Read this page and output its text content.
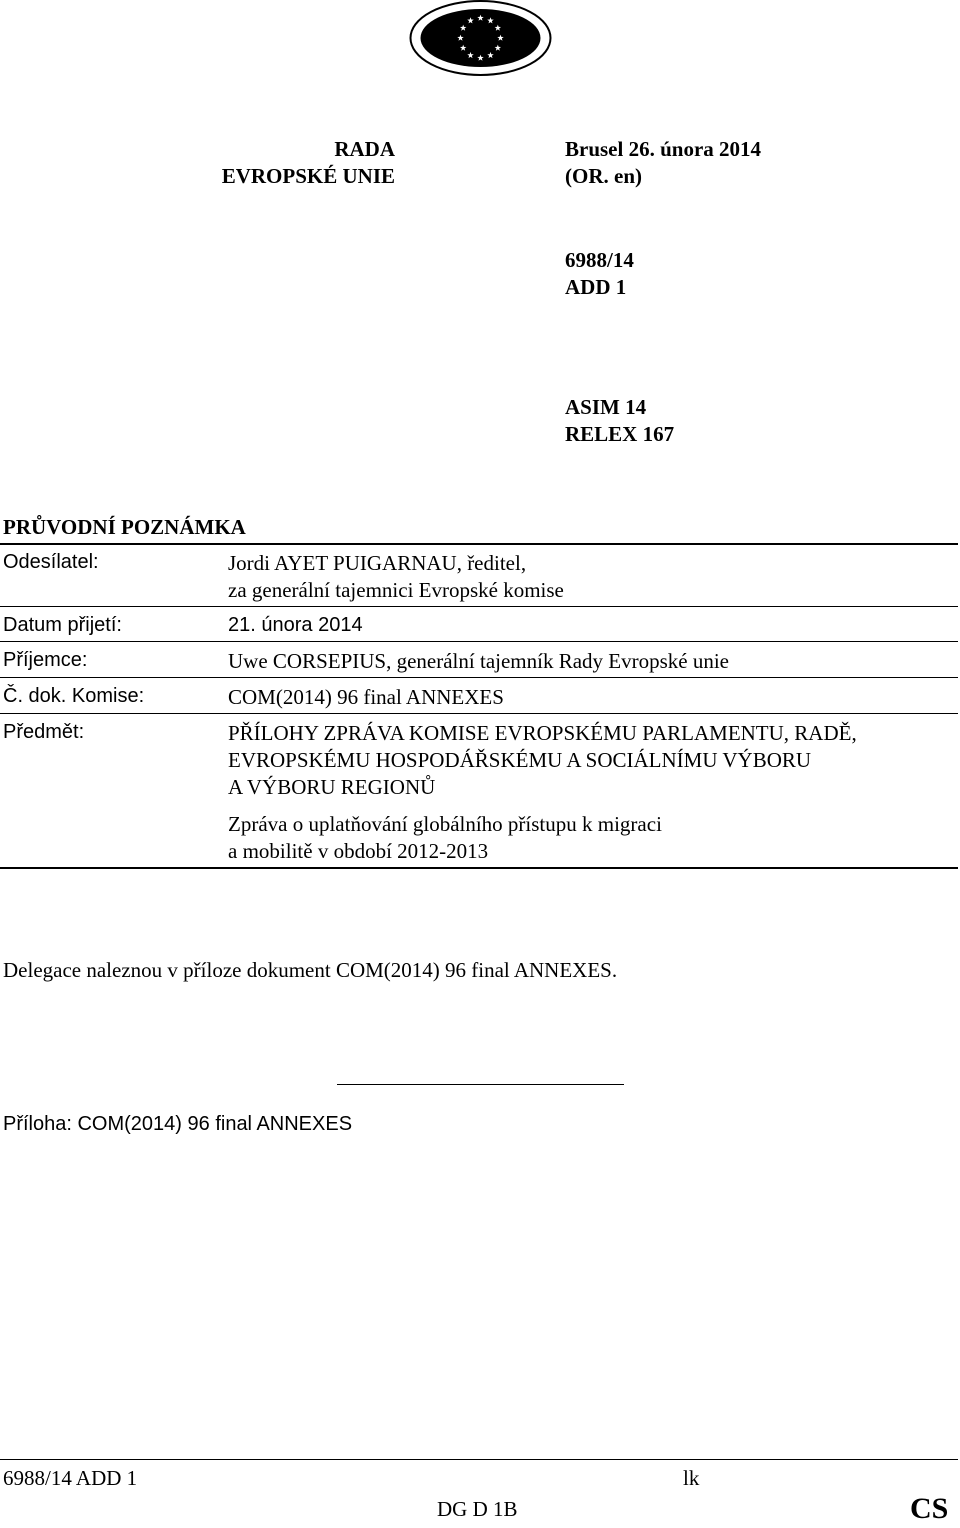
RADA
EVROPSKÉ UNIE
Brusel 26. února 2014
(OR. en)
6988/14
ADD 1
ASIM 14
RELEX 167
PRŮVODNÍ POZNÁMKA
Odesílatel:	Jordi AYET PUIGARNAU, ředitel,
za generální tajemnici Evropské komise
Datum přijetí:	21. února 2014
Příjemce:	Uwe CORSEPIUS, generální tajemník Rady Evropské unie
Č. dok. Komise:	COM(2014) 96 final ANNEXES
Předmět:	PŘÍLOHY ZPRÁVA KOMISE EVROPSKÉMU PARLAMENTU, RADĚ,
EVROPSKÉMU HOSPODÁŘSKÉMU A SOCIÁLNÍMU VÝBORU
A VÝBORU REGIONŮ
Zpráva o uplatňování globálního přístupu k migraci
a mobilitě v období 2012-2013
Delegace naleznou v příloze dokument COM(2014) 96 final ANNEXES.
Příloha: COM(2014) 96 final ANNEXES
6988/14 ADD 1	lk
DG D 1B	CS
